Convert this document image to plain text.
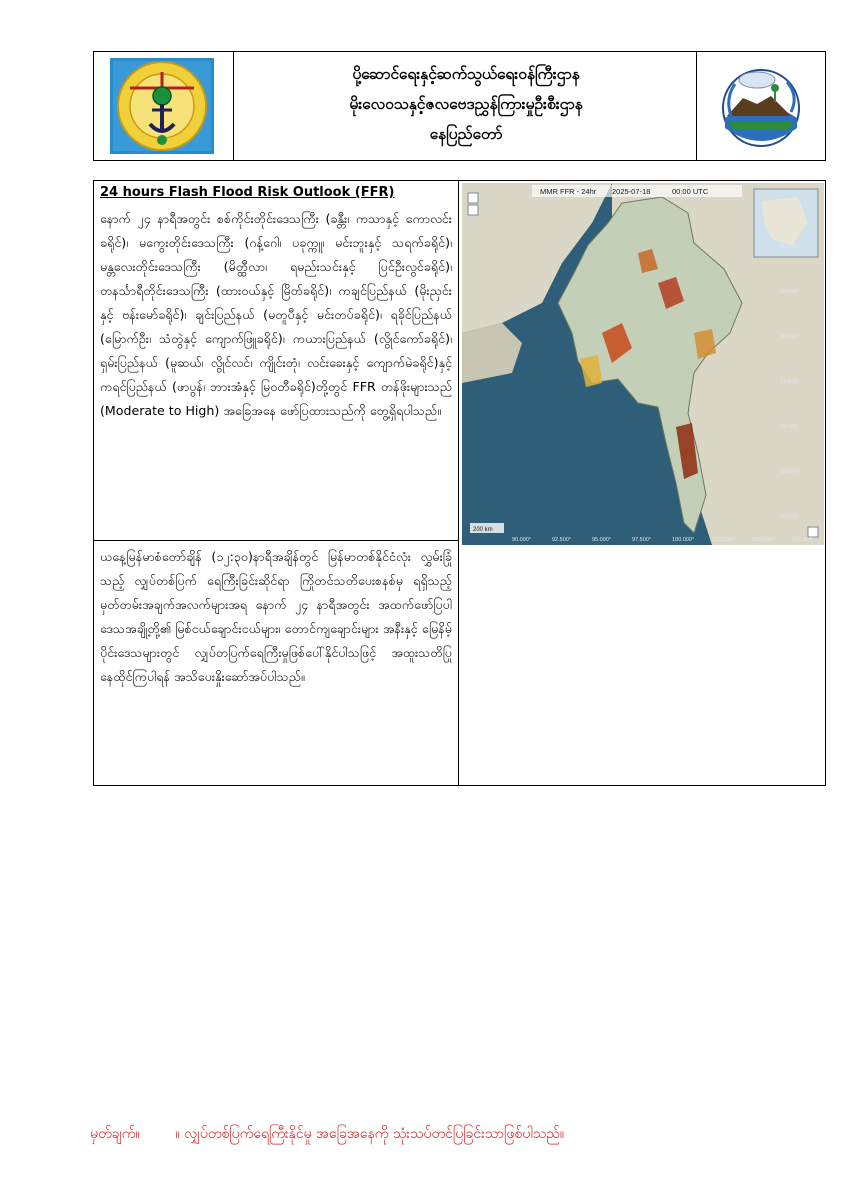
ပို့ဆောင်ရေးနှင့်ဆက်သွယ်ရေးဝန်ကြီးဌာန
မိုးလေဝသနှင့်ဇလဗေဒညွှန်ကြားမှုဦးစီးဌာန
နေပြည်တော်
24 hours Flash Flood Risk Outlook (FFR)
နောက် ၂၄ နာရီအတွင်း စစ်ကိုင်းတိုင်းဒေသကြီး (ခန္တီး၊ ကသာနှင့် ကောလင်းခရိုင်)၊ မကွေးတိုင်းဒေသကြီး (ဂန့်ဂေါ၊ ပခုက္ကူ၊ မင်းဘူးနှင့် သရက်ခရိုင်)၊ မန္တလေးတိုင်းဒေသကြီး (မိတ္ထီလာ၊ ရမည်းသင်းနှင့် ပြင်ဦးလွင်ခရိုင်)၊ တနင်္သာရီတိုင်းဒေသကြီး (ထားဝယ်နှင့် မြိတ်ခရိုင်)၊ ကချင်ပြည်နယ် (မိုးညှင်းနှင့် ဗန်းမော်ခရိုင်)၊ ချင်းပြည်နယ် (မတူပီနှင့် မင်းတပ်ခရိုင်)၊ ရခိုင်ပြည်နယ် (မြောက်ဦး၊ သံတွဲနှင့် ကျောက်ဖြူခရိုင်)၊ ကယားပြည်နယ် (လွိုင်ကော်ခရိုင်)၊ ရှမ်းပြည်နယ် (မူဆယ်၊ လွိုင်လင်၊ ကျိုင်းတုံ၊ လင်းခေးနှင့် ကျောက်မဲခရိုင်)နှင့် ကရင်ပြည်နယ် (ဖာပွန်၊ ဘားအံနှင့် မြဝတီခရိုင်)တို့တွင် FFR တန်ဖိုးများသည် (Moderate to High) အခြေအနေ ဖော်ပြထားသည်ကို တွေ့ရှိရပါသည်။
ယနေ့မြန်မာစံတော်ချိန် (၁၂:၃၀)နာရီအချိန်တွင် မြန်မာတစ်နိုင်ငံလုံး လွှမ်းခြုံသည့် လျှပ်တစ်ပြက် ရေကြီးခြင်းဆိုင်ရာ ကြိုတင်သတိပေးစနစ်မှ ရရှိသည့် မှတ်တမ်းအချက်အလက်များအရ နောက် ၂၄ နာရီအတွင်း အထက်ဖော်ပြပါ ဒေသအချို့တို့၏ မြစ်ငယ်ချောင်းငယ်များ၊ တောင်ကျချောင်းများ အနီးနှင့် မြေနိမ့်ပိုင်းဒေသများတွင် လျှပ်တပြက်ရေကြီးမှုဖြစ်ပေါ်နိုင်ပါသဖြင့် အထူးသတိပြု နေထိုင်ကြပါရန် အသိပေးနှိုးဆော်အပ်ပါသည်။
MMR FFR - 24hr 2025-07-18	00:00 UTC
200 km
27.500°
25.000°
22.500°
20.000°
17.500°
15.000°
12.500°
10.000°
90.000°	92.500°	95.000°	97.500°	100.000°	102.500°	105.000°	107.500°
မှတ်ချက်။	။ လျှပ်တစ်ပြက်ရေကြီးနိုင်မှု အခြေအနေကို သုံးသပ်တင်ပြခြင်းသာဖြစ်ပါသည်။
